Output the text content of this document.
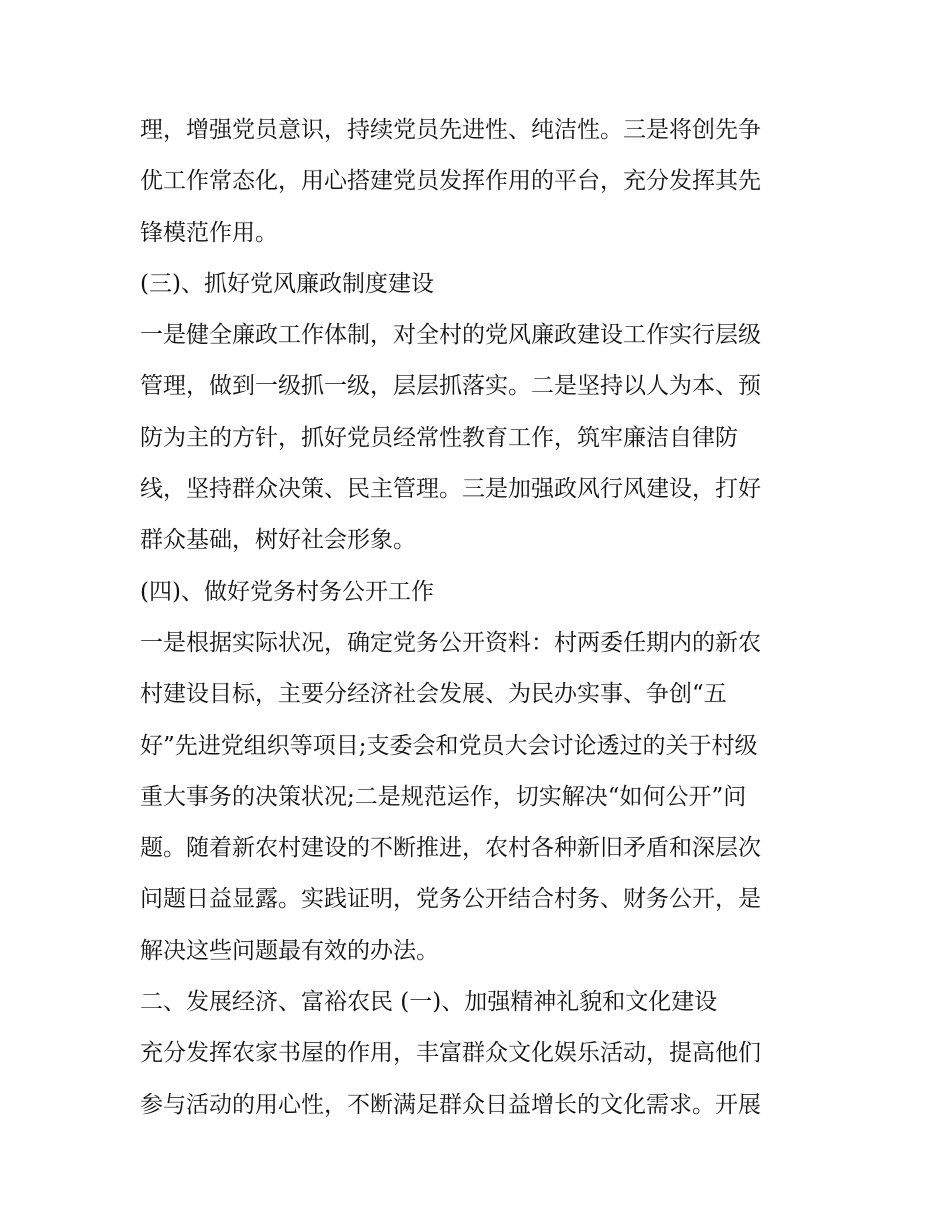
理，增强党员意识，持续党员先进性、纯洁性。三是将创先争
优工作常态化，用心搭建党员发挥作用的平台，充分发挥其先
锋模范作用。
(三)、抓好党风廉政制度建设
一是健全廉政工作体制，对全村的党风廉政建设工作实行层级
管理，做到一级抓一级，层层抓落实。二是坚持以人为本、预
防为主的方针，抓好党员经常性教育工作，筑牢廉洁自律防
线，坚持群众决策、民主管理。三是加强政风行风建设，打好
群众基础，树好社会形象。
(四)、做好党务村务公开工作
一是根据实际状况，确定党务公开资料：村两委任期内的新农
村建设目标，主要分经济社会发展、为民办实事、争创“五
好”先进党组织等项目;支委会和党员大会讨论透过的关于村级
重大事务的决策状况;二是规范运作，切实解决“如何公开”问
题。随着新农村建设的不断推进，农村各种新旧矛盾和深层次
问题日益显露。实践证明，党务公开结合村务、财务公开，是
解决这些问题最有效的办法。
二、发展经济、富裕农民 (一)、加强精神礼貌和文化建设
充分发挥农家书屋的作用，丰富群众文化娱乐活动，提高他们
参与活动的用心性，不断满足群众日益增长的文化需求。开展
